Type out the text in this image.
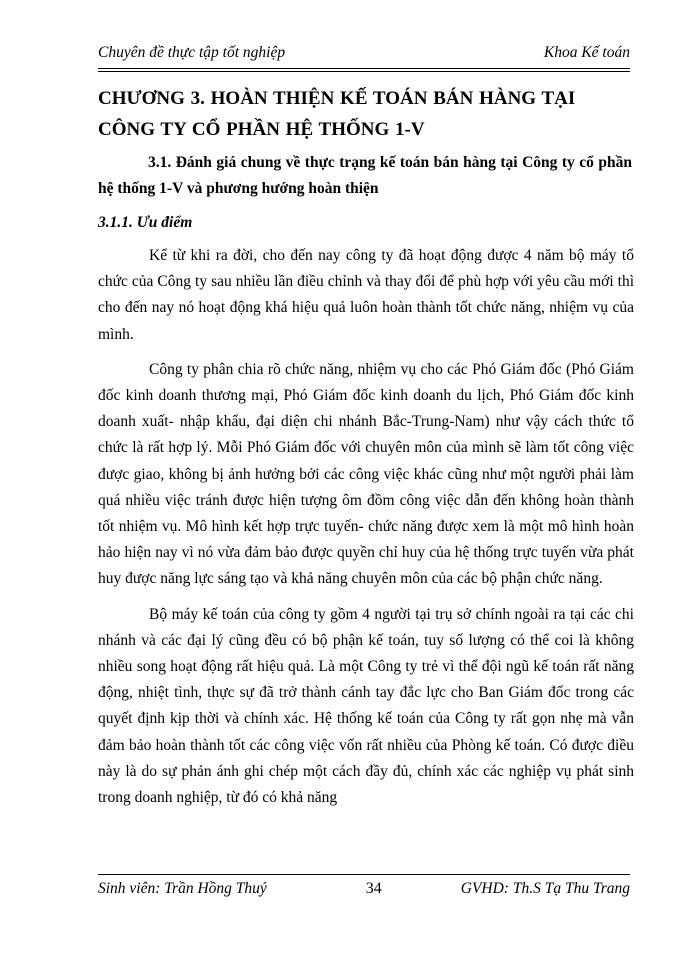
Chuyên đề thực tập tốt nghiệp	Khoa Kế toán
CHƯƠNG 3. HOÀN THIỆN KẾ TOÁN BÁN HÀNG TẠI CÔNG TY CỔ PHẦN HỆ THỐNG 1-V
3.1. Đánh giá chung về thực trạng kế toán bán hàng tại Công ty cổ phần hệ thống 1-V và phương hướng hoàn thiện
3.1.1. Ưu điểm

Kể từ khi ra đời, cho đến nay công ty đã hoạt động được 4 năm bộ máy tổ chức của Công ty sau nhiều lần điều chỉnh và thay đổi để phù hợp với yêu cầu mới thì cho đến nay nó hoạt động khá hiệu quả luôn hoàn thành tốt chức năng, nhiệm vụ của mình.

Công ty phân chia rõ chức năng, nhiệm vụ cho các Phó Giám đốc (Phó Giám đốc kinh doanh thương mại, Phó Giám đốc kinh doanh du lịch, Phó Giám đốc kinh doanh xuất- nhập khẩu, đại diện chi nhánh Bắc-Trung-Nam) như vậy cách thức tổ chức là rất hợp lý. Mỗi Phó Giám đốc với chuyên môn của mình sẽ làm tốt công việc được giao, không bị ảnh hưởng bởi các công việc khác cũng như một người phải làm quá nhiều việc tránh được hiện tượng ôm đồm công việc dẫn đến không hoàn thành tốt nhiệm vụ. Mô hình kết hợp trực tuyến- chức năng được xem là một mô hình hoàn hảo hiện nay vì nó vừa đảm bảo được quyền chỉ huy của hệ thống trực tuyến vừa phát huy được năng lực sáng tạo và khả năng chuyên môn của các bộ phận chức năng.

Bộ máy kế toán của công ty gồm 4 người tại trụ sở chính ngoài ra tại các chi nhánh và các đại lý cũng đều có bộ phận kế toán, tuy số lượng có thể coi là không nhiều song hoạt động rất hiệu quả. Là một Công ty trẻ vì thế đội ngũ kế toán rất năng động, nhiệt tình, thực sự đã trở thành cánh tay đắc lực cho Ban Giám đốc trong các quyết định kịp thời và chính xác. Hệ thống kế toán của Công ty rất gọn nhẹ mà vẫn đảm bảo hoàn thành tốt các công việc vốn rất nhiều của Phòng kế toán. Có được điều này là do sự phản ánh ghi chép một cách đầy đủ, chính xác các nghiệp vụ phát sinh trong doanh nghiệp, từ đó có khả năng

Sinh viên: Trần Hồng Thuý	34	GVHD: Th.S Tạ Thu Trang
